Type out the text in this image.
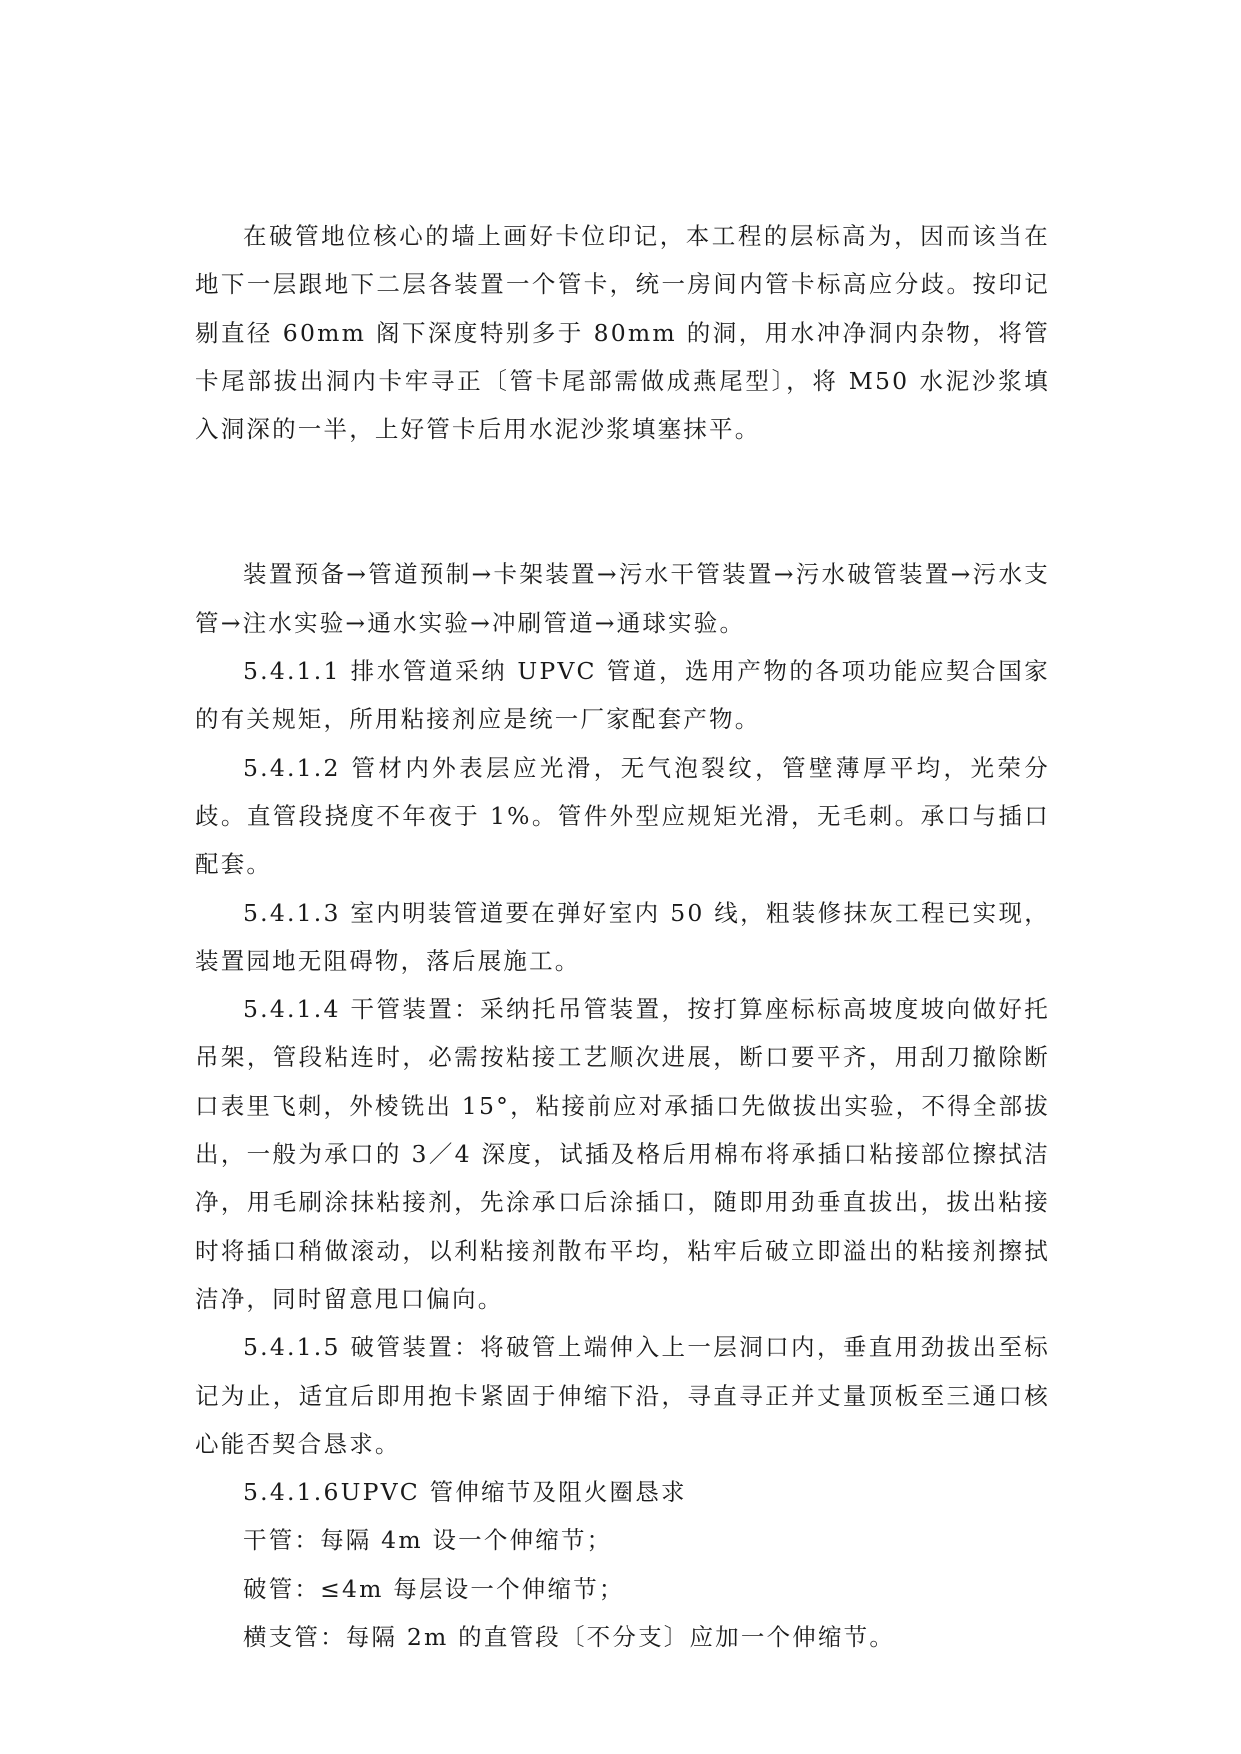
在破管地位核心的墙上画好卡位印记，本工程的层标高为，因而该当在地下一层跟地下二层各装置一个管卡，统一房间内管卡标高应分歧。按印记剔直径 60mm 阁下深度特别多于 80mm 的洞，用水冲净洞内杂物，将管卡尾部拔出洞内卡牢寻正〔管卡尾部需做成燕尾型〕，将 M50 水泥沙浆填入洞深的一半，上好管卡后用水泥沙浆填塞抹平。

装置预备→管道预制→卡架装置→污水干管装置→污水破管装置→污水支管→注水实验→通水实验→冲刷管道→通球实验。

5.4.1.1 排水管道采纳 UPVC 管道，选用产物的各项功能应契合国家的有关规矩，所用粘接剂应是统一厂家配套产物。

5.4.1.2 管材内外表层应光滑，无气泡裂纹，管壁薄厚平均，光荣分歧。直管段挠度不年夜于 1%。管件外型应规矩光滑，无毛刺。承口与插口配套。

5.4.1.3 室内明装管道要在弹好室内 50 线，粗装修抹灰工程已实现，装置园地无阻碍物，落后展施工。

5.4.1.4 干管装置：采纳托吊管装置，按打算座标标高坡度坡向做好托吊架，管段粘连时，必需按粘接工艺顺次进展，断口要平齐，用刮刀撤除断口表里飞刺，外棱铣出 15°，粘接前应对承插口先做拔出实验，不得全部拔出，一般为承口的 3／4 深度，试插及格后用棉布将承插口粘接部位擦拭洁净，用毛刷涂抹粘接剂，先涂承口后涂插口，随即用劲垂直拔出，拔出粘接时将插口稍做滚动，以利粘接剂散布平均，粘牢后破立即溢出的粘接剂擦拭洁净，同时留意甩口偏向。

5.4.1.5 破管装置：将破管上端伸入上一层洞口内，垂直用劲拔出至标记为止，适宜后即用抱卡紧固于伸缩下沿，寻直寻正并丈量顶板至三通口核心能否契合恳求。

5.4.1.6UPVC 管伸缩节及阻火圈恳求

干管：每隔 4m 设一个伸缩节；

破管：≤4m 每层设一个伸缩节；

横支管：每隔 2m 的直管段〔不分支〕应加一个伸缩节。
